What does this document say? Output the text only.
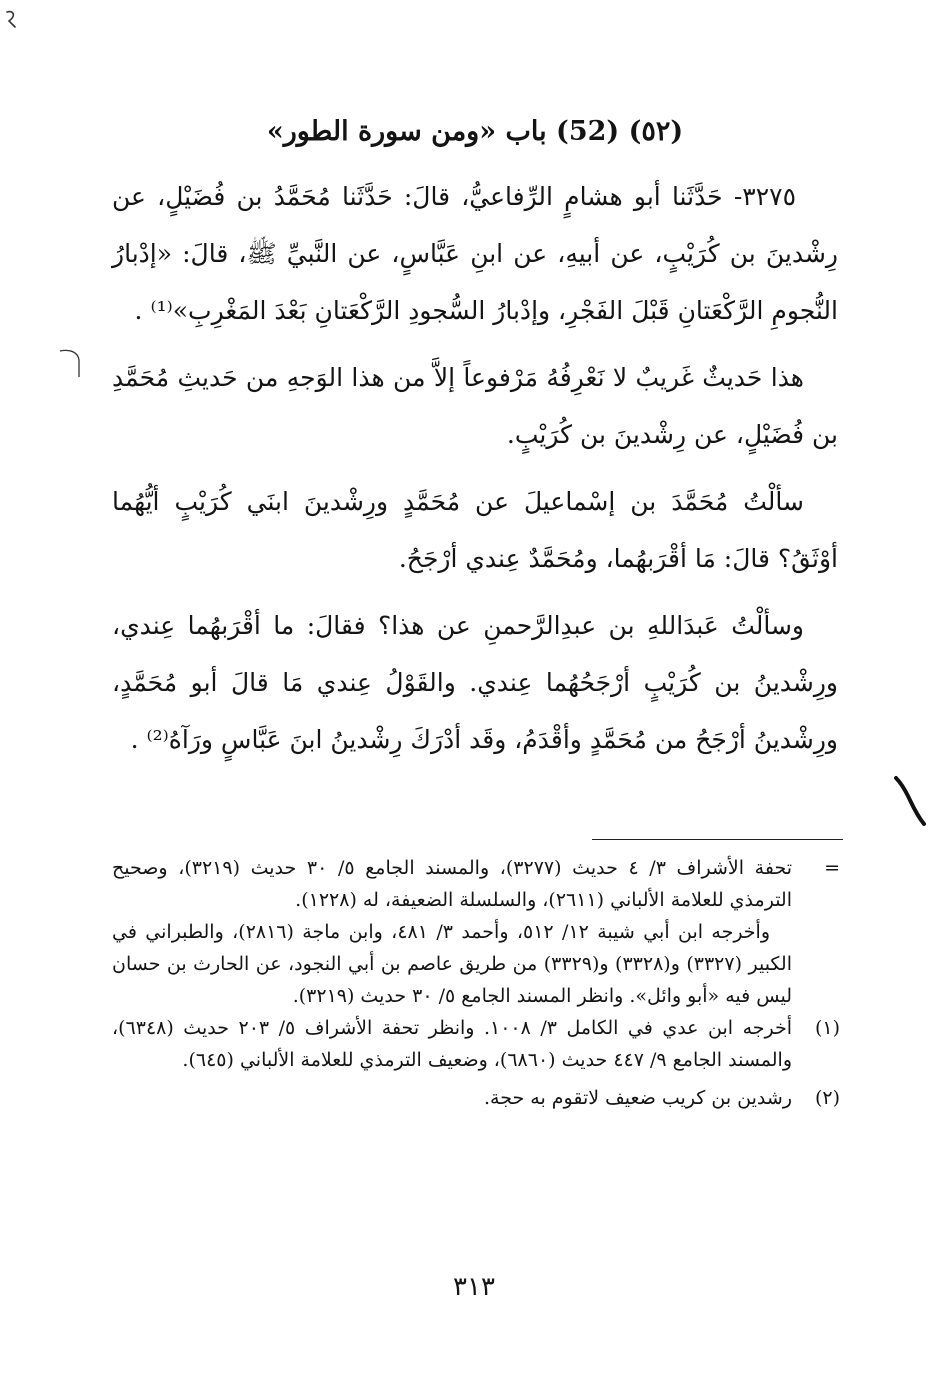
(٥٢) (52) باب «ومن سورة الطور»

٣٢٧٥- حَدَّثَنا أبو هشامٍ الرِّفاعيُّ، قالَ: حَدَّثَنا مُحَمَّدُ بن فُضَيْلٍ، عن رِشْدينَ بن كُرَيْبٍ، عن أبيهِ، عن ابنِ عَبَّاسٍ، عن النَّبيِّ ﷺ، قالَ: «إدْبارُ النُّجومِ الرَّكْعَتانِ قَبْلَ الفَجْرِ، وإدْبارُ السُّجودِ الرَّكْعَتانِ بَعْدَ المَغْرِبِ»⁽¹⁾ .

هذا حَديثٌ غَريبٌ لا نَعْرِفُهُ مَرْفوعاً إلاَّ من هذا الوَجهِ من حَديثِ مُحَمَّدِ بن فُضَيْلٍ، عن رِشْدينَ بن كُرَيْبٍ.

سألْتُ مُحَمَّدَ بن إسْماعيلَ عن مُحَمَّدٍ ورِشْدينَ ابنَي كُرَيْبٍ أيُّهُما أوْثَقُ؟ قالَ: مَا أقْرَبهُما، ومُحَمَّدٌ عِندي أرْجَحُ.

وسألْتُ عَبدَاللهِ بن عبدِالرَّحمنِ عن هذا؟ فقالَ: ما أقْرَبهُما عِندي، ورِشْدينُ بن كُرَيْبٍ أرْجَحُهُما عِندي. والقَوْلُ عِندي مَا قالَ أبو مُحَمَّدٍ، ورِشْدينُ أرْجَحُ من مُحَمَّدٍ وأقْدَمُ، وقَد أدْرَكَ رِشْدينُ ابنَ عَبَّاسٍ ورَآهُ⁽²⁾ .

=
تحفة الأشراف ٣/ ٤ حديث (٣٢٧٧)، والمسند الجامع ٥/ ٣٠ حديث (٣٢١٩)، وصحيح الترمذي للعلامة الألباني (٢٦١١)، والسلسلة الضعيفة، له (١٢٢٨).
وأخرجه ابن أبي شيبة ١٢/ ٥١٢، وأحمد ٣/ ٤٨١، وابن ماجة (٢٨١٦)، والطبراني في الكبير (٣٣٢٧) و(٣٣٢٨) و(٣٣٢٩) من طريق عاصم بن أبي النجود، عن الحارث بن حسان ليس فيه «أبو وائل». وانظر المسند الجامع ٥/ ٣٠ حديث (٣٢١٩).
(١)
أخرجه ابن عدي في الكامل ٣/ ١٠٠٨. وانظر تحفة الأشراف ٥/ ٢٠٣ حديث (٦٣٤٨)، والمسند الجامع ٩/ ٤٤٧ حديث (٦٨٦٠)، وضعيف الترمذي للعلامة الألباني (٦٤٥).
(٢)
رشدين بن كريب ضعيف لاتقوم به حجة.
٣١٣
